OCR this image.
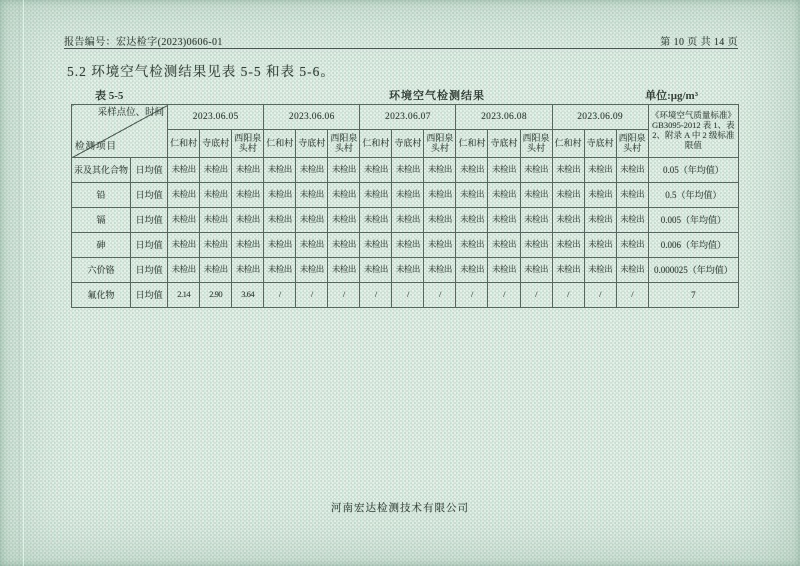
报告编号：宏达检字(2023)0606-01	第 10 页 共 14 页
5.2 环境空气检测结果见表 5-5 和表 5-6。
表 5-5	环境空气检测结果	单位:μg/m³
采样点位、时间
检测项目		2023.06.05			2023.06.06			2023.06.07			2023.06.08			2023.06.09			《环境空气质量标准》GB3095-2012 表 1、表 2、附录 A 中 2 级标准限值
		仁和村	寺底村	西阳泉头村	仁和村	寺底村	西阳泉头村	仁和村	寺底村	西阳泉头村	仁和村	寺底村	西阳泉头村	仁和村	寺底村	西阳泉头村	
汞及其化合物	日均值	未检出	未检出	未检出	未检出	未检出	未检出	未检出	未检出	未检出	未检出	未检出	未检出	未检出	未检出	未检出	0.05（年均值）
铅	日均值	未检出	未检出	未检出	未检出	未检出	未检出	未检出	未检出	未检出	未检出	未检出	未检出	未检出	未检出	未检出	0.5（年均值）
镉	日均值	未检出	未检出	未检出	未检出	未检出	未检出	未检出	未检出	未检出	未检出	未检出	未检出	未检出	未检出	未检出	0.005（年均值）
砷	日均值	未检出	未检出	未检出	未检出	未检出	未检出	未检出	未检出	未检出	未检出	未检出	未检出	未检出	未检出	未检出	0.006（年均值）
六价铬	日均值	未检出	未检出	未检出	未检出	未检出	未检出	未检出	未检出	未检出	未检出	未检出	未检出	未检出	未检出	未检出	0.000025（年均值）
氟化物	日均值	2.14	2.90	3.64	/	/	/	/	/	/	/	/	/	/	/	/	7
河南宏达检测技术有限公司
